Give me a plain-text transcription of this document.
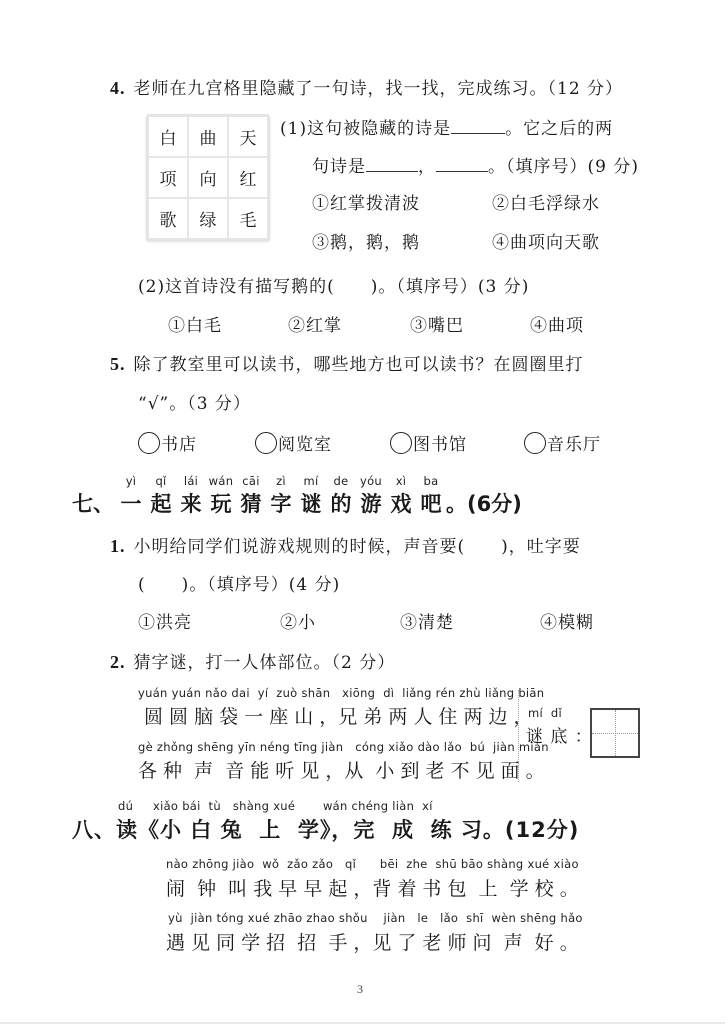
4. 老师在九宫格里隐藏了一句诗，找一找，完成练习。（12 分）
白	曲	天
项	向	红
歌	绿	毛
(1)这句被隐藏的诗是	。它之后的两
句诗是	，	。（填序号）(9 分)
①红掌拨清波	②白毛浮绿水
③鹅，鹅，鹅	④曲项向天歌
(2)这首诗没有描写鹅的(　　)。（填序号）(3 分)
①白毛	②红掌	③嘴巴	④曲项
5. 除了教室里可以读书，哪些地方也可以读书？在圆圈里打
“√”。（3 分）
书店	阅览室	图书馆	音乐厅
七、
yì
一
qǐ
起
lái
来
wán
玩
cāi
猜
zì
字
mí
谜
de
的
yóu
游
xì
戏
ba
吧 。(6分)
1. 小明给同学们说游戏规则的时候，声音要(　　)，吐字要
(　　)。（填序号）(4 分)
①洪亮	②小	③清楚	④模糊
2. 猜字谜，打一人体部位。（2 分）
yuán yuán nǎo dai  yí  zuò shān   xiōng  dì  liǎng rén zhù liǎng biān
圆 圆 脑 袋 一 座 山 ，兄 弟 两 人 住 两 边 ，
gè zhǒng shēng yīn néng tīng jiàn   cóng xiǎo dào lǎo  bú  jiàn miàn
各 种  声  音 能 听 见 ，从  小 到 老 不 见 面 。
mí  dǐ
谜 底 ：
dú     xiǎo bái  tù   shàng xué       wán chéng liàn  xí
八、读《小 白 兔  上  学》，完  成  练 习。(12分)
nào zhōng jiào  wǒ  zǎo zǎo   qǐ      bēi  zhe  shū bāo shàng xué xiào
闹  钟  叫 我 早 早 起 ，背 着 书 包  上  学 校 。
yù  jiàn tóng xué zhāo zhao shǒu    jiàn   le   lǎo  shī  wèn shēng hǎo
遇 见 同 学 招  招  手 ，见 了 老 师 问  声  好 。
3
